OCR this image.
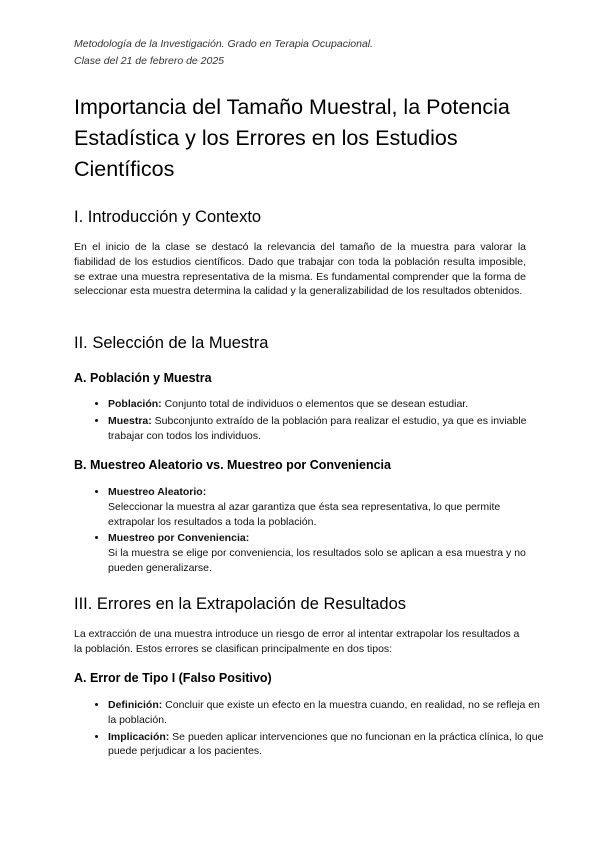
Metodología de la Investigación. Grado en Terapia Ocupacional.
Clase del 21 de febrero de 2025
Importancia del Tamaño Muestral, la Potencia Estadística y los Errores en los Estudios Científicos
I. Introducción y Contexto

En el inicio de la clase se destacó la relevancia del tamaño de la muestra para valorar la fiabilidad de los estudios científicos. Dado que trabajar con toda la población resulta imposible, se extrae una muestra representativa de la misma. Es fundamental comprender que la forma de seleccionar esta muestra determina la calidad y la generalizabilidad de los resultados obtenidos.

II. Selección de la Muestra
A. Población y Muestra
• Población: Conjunto total de individuos o elementos que se desean estudiar.
• Muestra: Subconjunto extraído de la población para realizar el estudio, ya que es inviable trabajar con todos los individuos.
B. Muestreo Aleatorio vs. Muestreo por Conveniencia
• Muestreo Aleatorio:
Seleccionar la muestra al azar garantiza que ésta sea representativa, lo que permite extrapolar los resultados a toda la población.
• Muestreo por Conveniencia:
Si la muestra se elige por conveniencia, los resultados solo se aplican a esa muestra y no pueden generalizarse.
III. Errores en la Extrapolación de Resultados

La extracción de una muestra introduce un riesgo de error al intentar extrapolar los resultados a la población. Estos errores se clasifican principalmente en dos tipos:

A. Error de Tipo I (Falso Positivo)
• Definición: Concluir que existe un efecto en la muestra cuando, en realidad, no se refleja en la población.
• Implicación: Se pueden aplicar intervenciones que no funcionan en la práctica clínica, lo que puede perjudicar a los pacientes.
